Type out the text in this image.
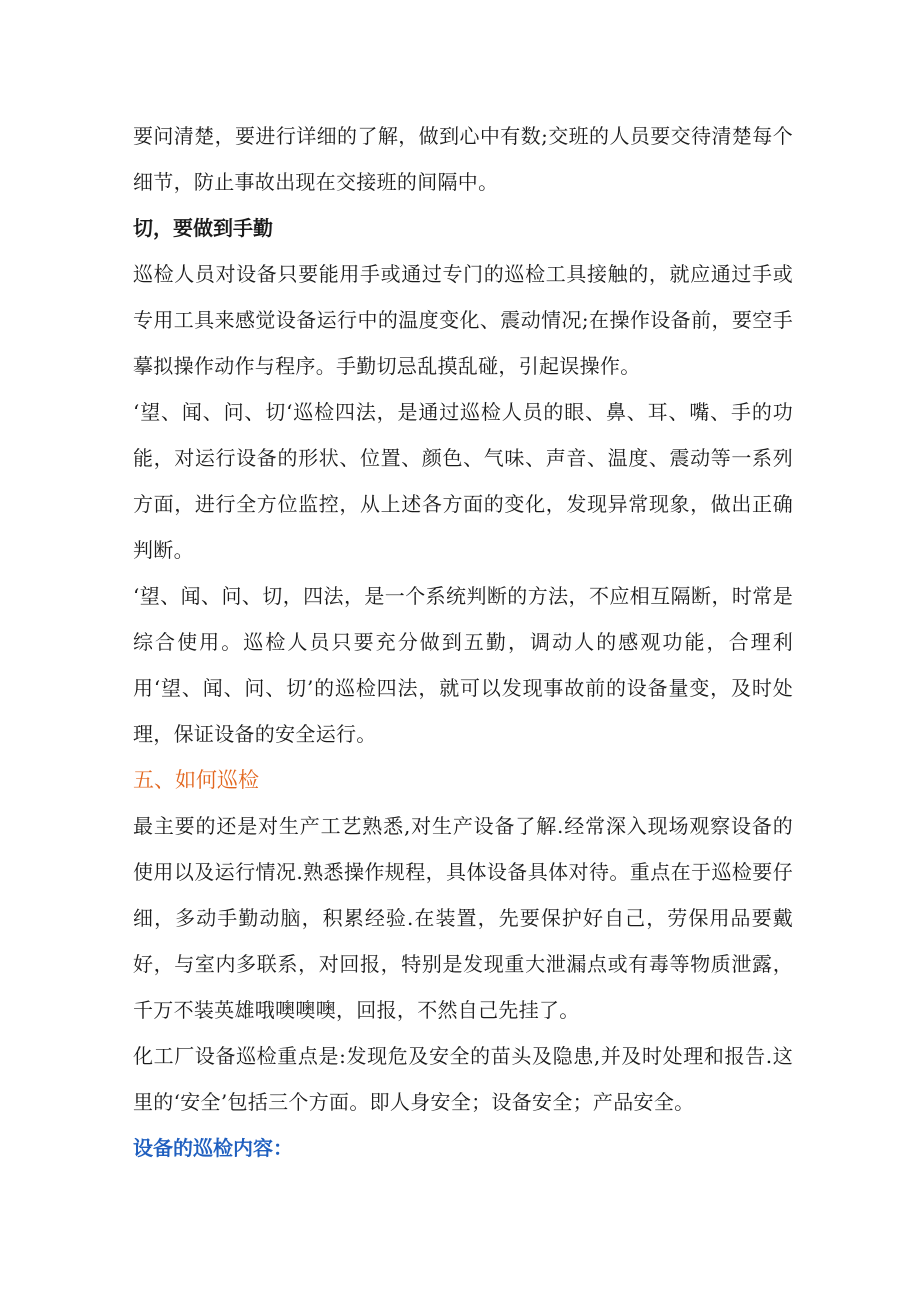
要问清楚，要进行详细的了解，做到心中有数;交班的人员要交待清楚每个细节，防止事故出现在交接班的间隔中。

切，要做到手勤

巡检人员对设备只要能用手或通过专门的巡检工具接触的，就应通过手或专用工具来感觉设备运行中的温度变化、震动情况;在操作设备前，要空手摹拟操作动作与程序。手勤切忌乱摸乱碰，引起误操作。

‘望、闻、问、切‘巡检四法，是通过巡检人员的眼、鼻、耳、嘴、手的功能，对运行设备的形状、位置、颜色、气味、声音、温度、震动等一系列方面，进行全方位监控，从上述各方面的变化，发现异常现象，做出正确判断。

‘望、闻、问、切，四法，是一个系统判断的方法，不应相互隔断，时常是综合使用。巡检人员只要充分做到五勤，调动人的感观功能，合理利用‘望、闻、问、切’的巡检四法，就可以发现事故前的设备量变，及时处理，保证设备的安全运行。

五、如何巡检

最主要的还是对生产工艺熟悉,对生产设备了解.经常深入现场观察设备的使用以及运行情况.熟悉操作规程，具体设备具体对待。重点在于巡检要仔细，多动手勤动脑，积累经验.在装置，先要保护好自己，劳保用品要戴好，与室内多联系，对回报，特别是发现重大泄漏点或有毒等物质泄露，千万不装英雄哦噢噢噢，回报，不然自己先挂了。

化工厂设备巡检重点是:发现危及安全的苗头及隐患,并及时处理和报告.这里的‘安全’包括三个方面。即人身安全；设备安全；产品安全。

设备的巡检内容：
